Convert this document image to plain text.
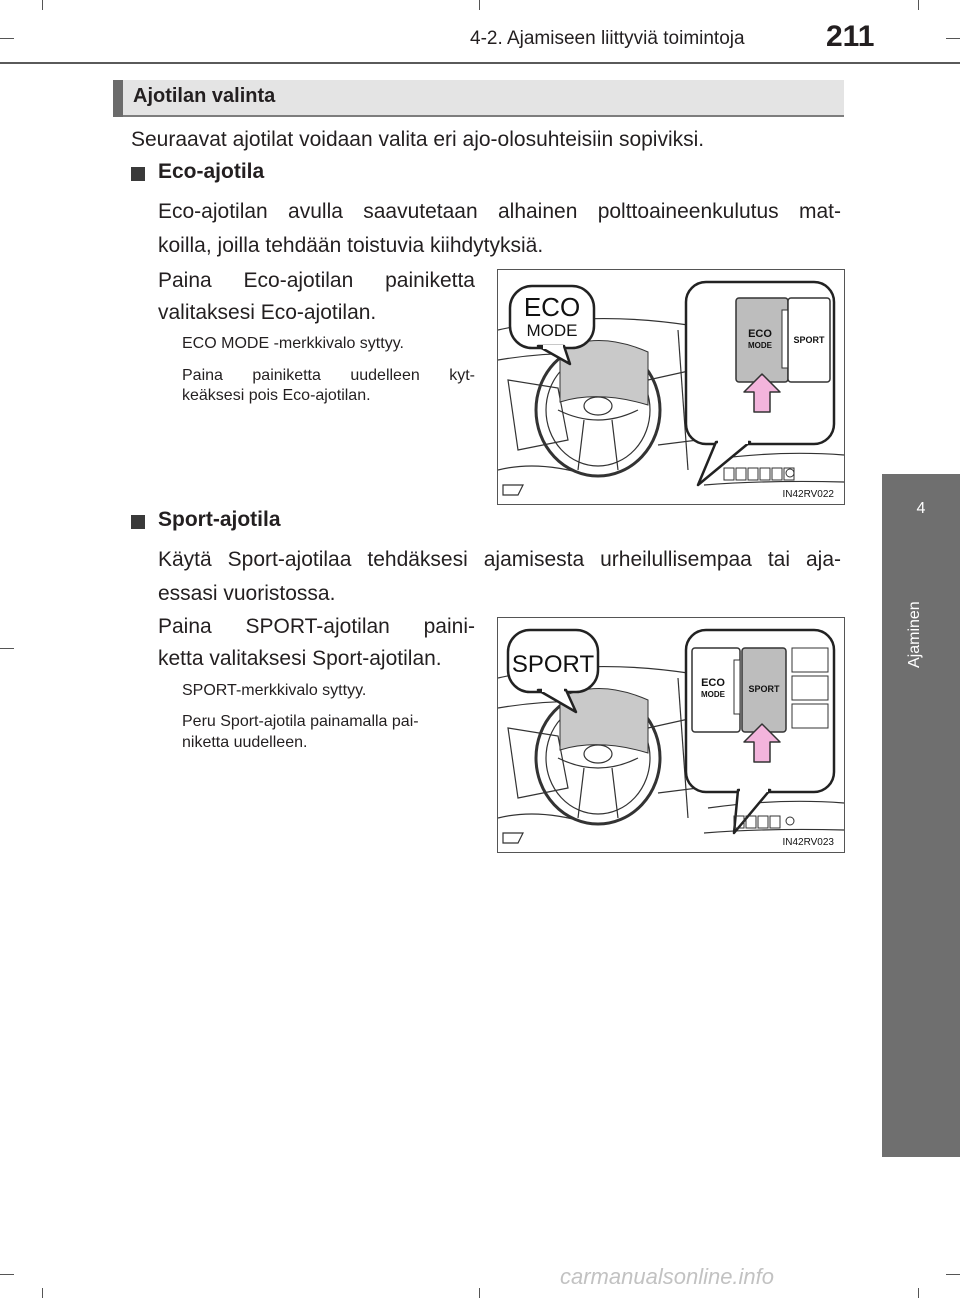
4-2. Ajamiseen liittyviä toimintoja	211
4
Ajaminen
Ajotilan valinta
Seuraavat ajotilat voidaan valita eri ajo-olosuhteisiin sopiviksi.
Eco-ajotila
Eco-ajotilan avulla saavutetaan alhainen polttoaineenkulutus mat-
koilla, joilla tehdään toistuvia kiihdytyksiä.
Paina Eco-ajotilan painiketta
valitaksesi Eco-ajotilan.
ECO MODE -merkkivalo syttyy.
Paina painiketta uudelleen kyt-
keäksesi pois Eco-ajotilan.
ECO
MODE	ECO
MODE
SPORT
IN42RV022
Sport-ajotila
Käytä Sport-ajotilaa tehdäksesi ajamisesta urheilullisempaa tai aja-
essasi vuoristossa.
Paina SPORT-ajotilan paini-
ketta valitaksesi Sport-ajotilan.
SPORT-merkkivalo syttyy.
Peru Sport-ajotila painamalla pai-
niketta uudelleen.
SPORT
ECO
MODE
SPORT
IN42RV023
carmanualsonline.info
